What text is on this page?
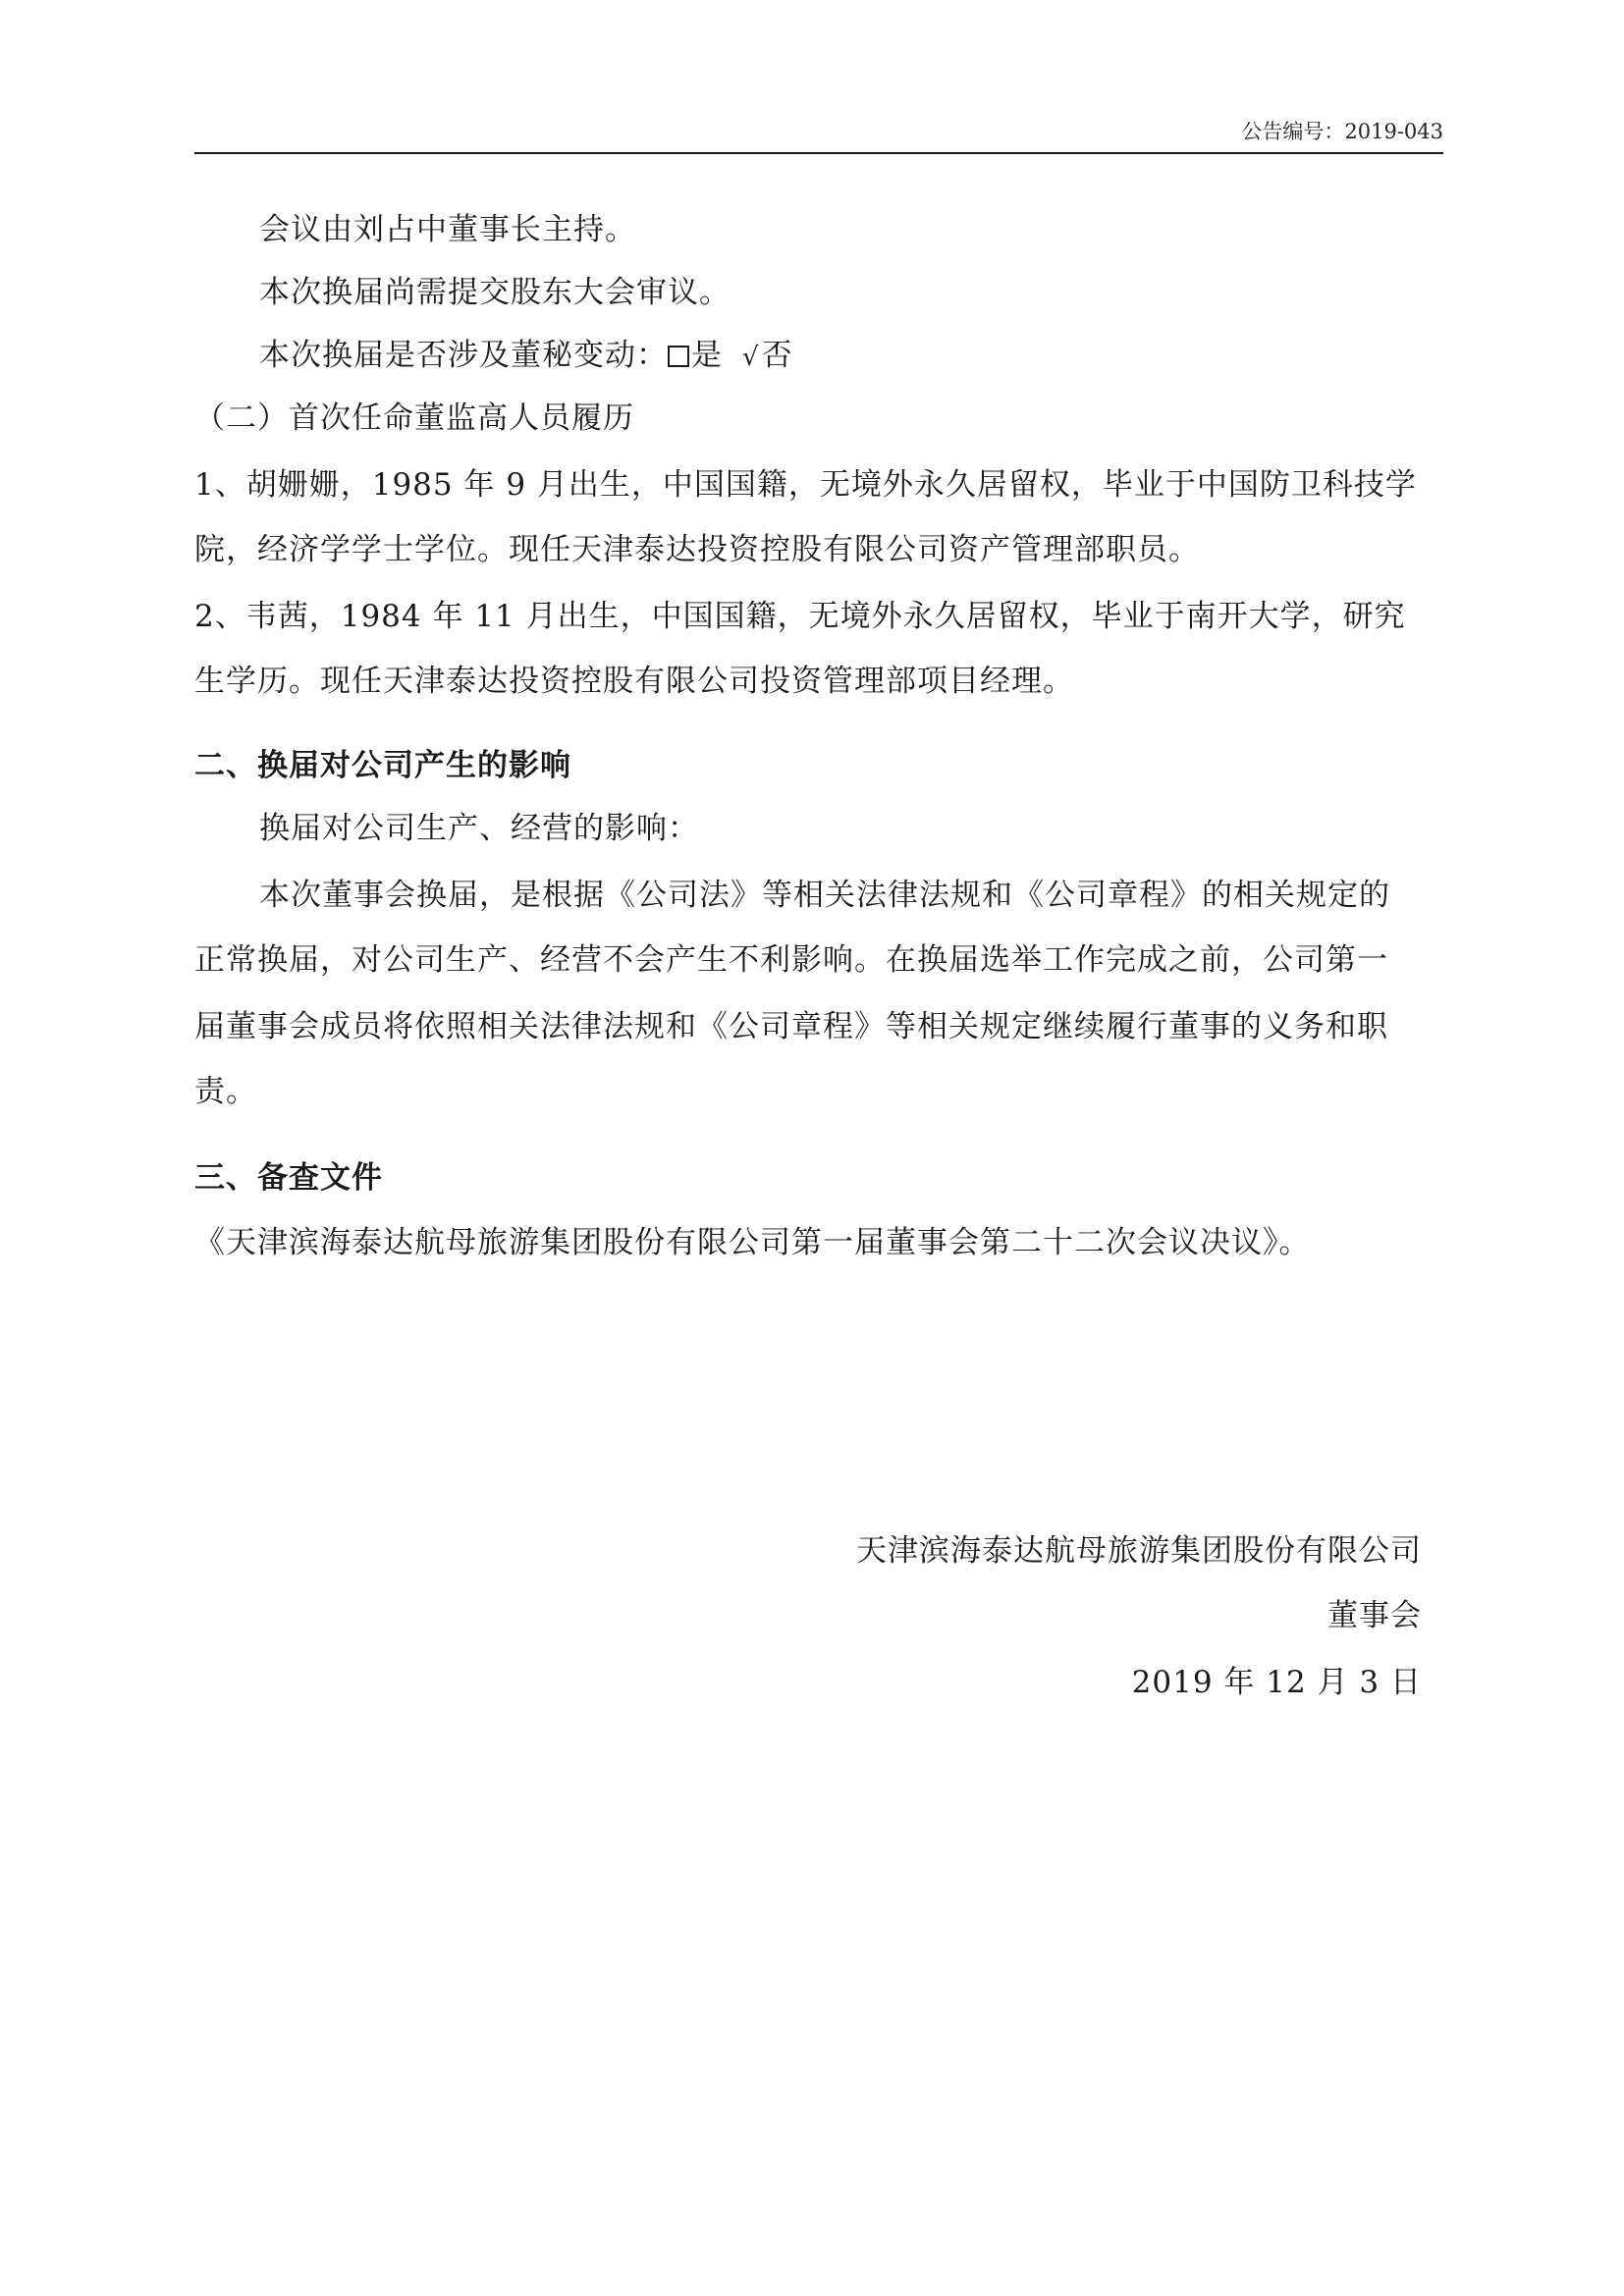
公告编号：2019-043
会议由刘占中董事长主持。
本次换届尚需提交股东大会审议。
本次换届是否涉及董秘变动： 是 √否
（二）首次任命董监高人员履历
1、胡姗姗，1985 年 9 月出生，中国国籍，无境外永久居留权，毕业于中国防卫科技学
院，经济学学士学位。现任天津泰达投资控股有限公司资产管理部职员。
2、韦茜，1984 年 11 月出生，中国国籍，无境外永久居留权，毕业于南开大学，研究
生学历。现任天津泰达投资控股有限公司投资管理部项目经理。
二、换届对公司产生的影响
换届对公司生产、经营的影响：
本次董事会换届，是根据《公司法》等相关法律法规和《公司章程》的相关规定的
正常换届，对公司生产、经营不会产生不利影响。在换届选举工作完成之前，公司第一
届董事会成员将依照相关法律法规和《公司章程》等相关规定继续履行董事的义务和职
责。
三、备查文件
《天津滨海泰达航母旅游集团股份有限公司第一届董事会第二十二次会议决议》。
天津滨海泰达航母旅游集团股份有限公司
董事会
2019 年 12 月 3 日
